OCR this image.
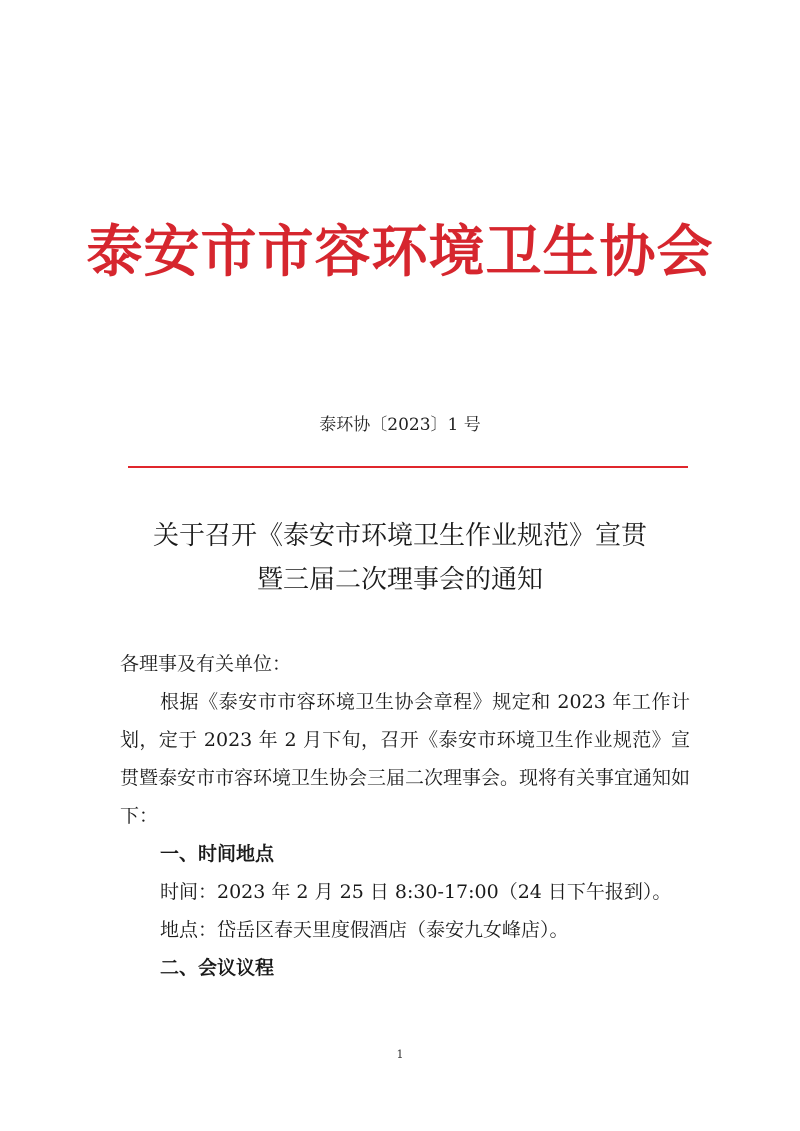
泰安市市容环境卫生协会
泰环协〔2023〕1 号
关于召开《泰安市环境卫生作业规范》宣贯
暨三届二次理事会的通知

各理事及有关单位：

根据《泰安市市容环境卫生协会章程》规定和 2023 年工作计划，定于 2023 年 2 月下旬，召开《泰安市环境卫生作业规范》宣贯暨泰安市市容环境卫生协会三届二次理事会。现将有关事宜通知如下：

一、时间地点

时间：2023 年 2 月 25 日 8:30-17:00（24 日下午报到）。

地点：岱岳区春天里度假酒店（泰安九女峰店）。

二、会议议程

1
